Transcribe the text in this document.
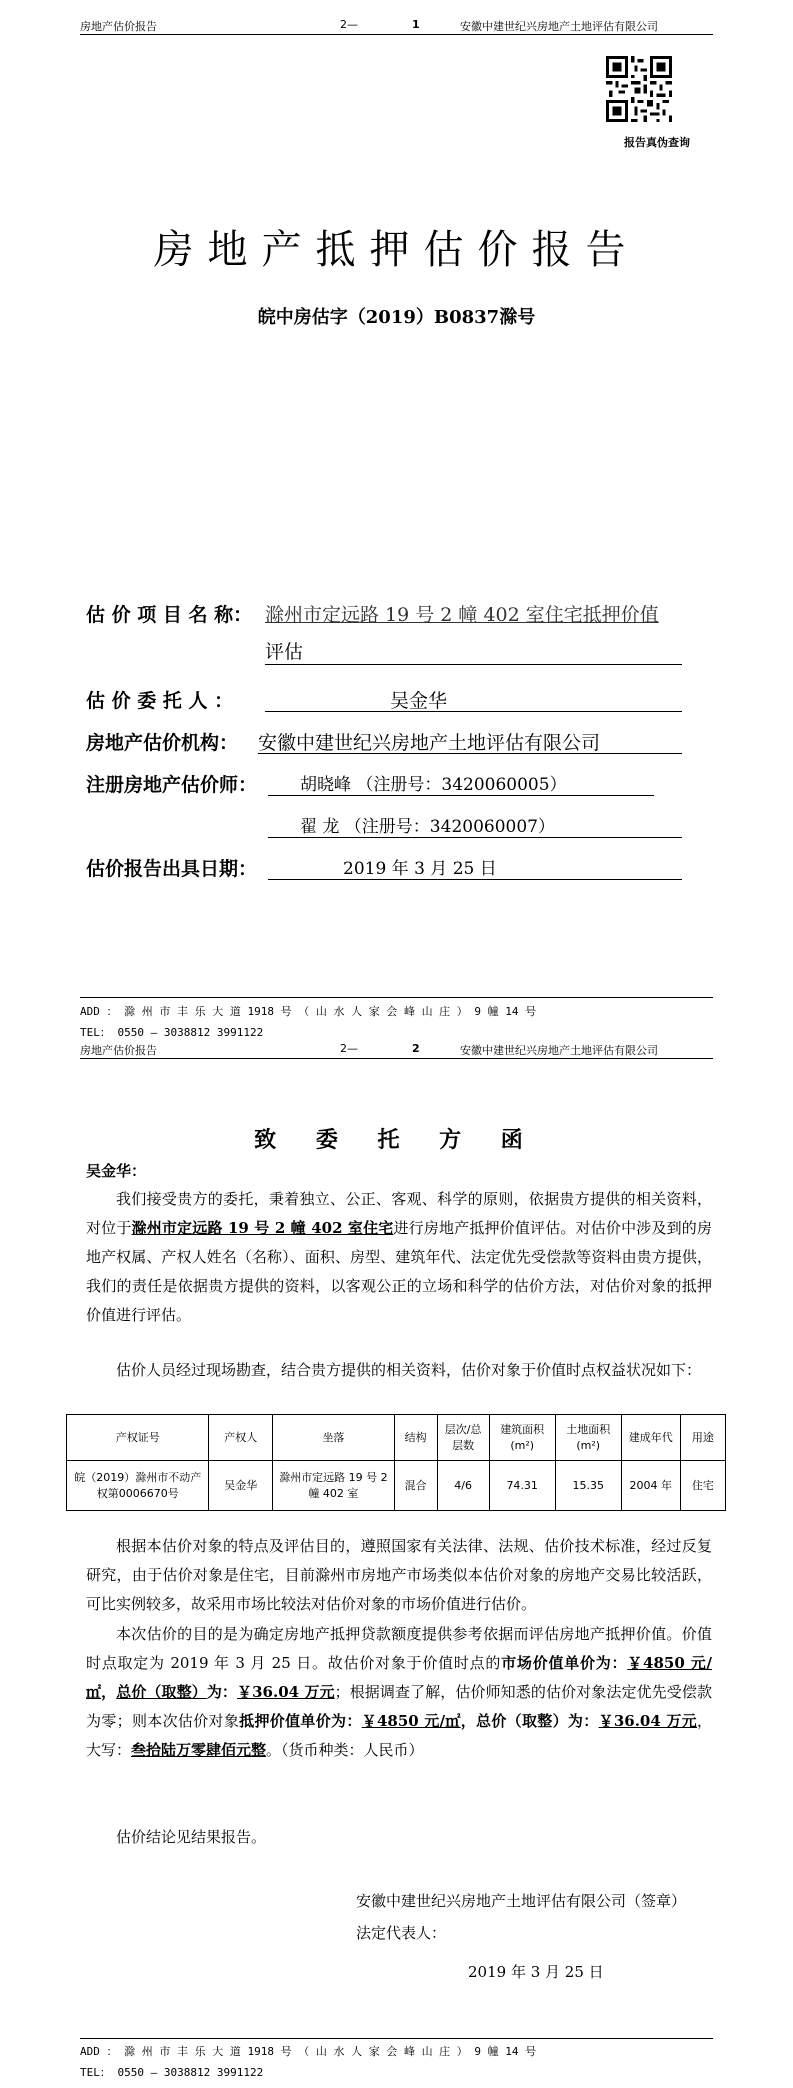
房地产估价报告	2—	1	安徽中建世纪兴房地产土地评估有限公司
报告真伪查询
房地产抵押估价报告
皖中房估字（2019）B0837滁号
估 价 项 目 名 称： 滁州市定远路 19 号 2 幢 402 室住宅抵押价值
评估
估 价 委 托 人 ：	吴金华
房地产估价机构： 安徽中建世纪兴房地产土地评估有限公司
注册房地产估价师：	胡晓峰 （注册号：3420060005）
翟 龙 （注册号：3420060007）
估价报告出具日期：	2019 年 3 月 25 日
ADD ： 滁 州 市 丰 乐 大 道 1918 号 （ 山 水 人 家 会 峰 山 庄 ） 9 幢 14 号
TEL： 0550 — 3038812 3991122
房地产估价报告	2—	2	安徽中建世纪兴房地产土地评估有限公司
致 委 托 方 函
吴金华：
我们接受贵方的委托，秉着独立、公正、客观、科学的原则，依据贵方提供的相关资料，对位于滁州市定远路 19 号 2 幢 402 室住宅进行房地产抵押价值评估。对估价中涉及到的房地产权属、产权人姓名（名称）、面积、房型、建筑年代、法定优先受偿款等资料由贵方提供，我们的责任是依据贵方提供的资料，以客观公正的立场和科学的估价方法，对估价对象的抵押价值进行评估。
估价人员经过现场勘查，结合贵方提供的相关资料，估价对象于价值时点权益状况如下：
产权证号	产权人	坐落	结构	层次/总层数	建筑面积(m²)	土地面积(m²)	建成年代	用途
皖（2019）滁州市不动产权第0006670号	吴金华	滁州市定远路 19 号 2 幢 402 室	混合	4/6	74.31	15.35	2004 年	住宅
根据本估价对象的特点及评估目的，遵照国家有关法律、法规、估价技术标准，经过反复研究，由于估价对象是住宅，目前滁州市房地产市场类似本估价对象的房地产交易比较活跃，可比实例较多，故采用市场比较法对估价对象的市场价值进行估价。
本次估价的目的是为确定房地产抵押贷款额度提供参考依据而评估房地产抵押价值。价值时点取定为 2019 年 3 月 25 日。故估价对象于价值时点的市场价值单价为：￥4850 元/㎡，总价（取整）为：￥36.04 万元；根据调查了解，估价师知悉的估价对象法定优先受偿款为零；则本次估价对象抵押价值单价为：￥4850 元/㎡，总价（取整）为：￥36.04 万元，大写：叁拾陆万零肆佰元整。（货币种类：人民币）
估价结论见结果报告。
安徽中建世纪兴房地产土地评估有限公司（签章）
法定代表人：
2019 年 3 月 25 日
ADD ： 滁 州 市 丰 乐 大 道 1918 号 （ 山 水 人 家 会 峰 山 庄 ） 9 幢 14 号
TEL： 0550 — 3038812 3991122
